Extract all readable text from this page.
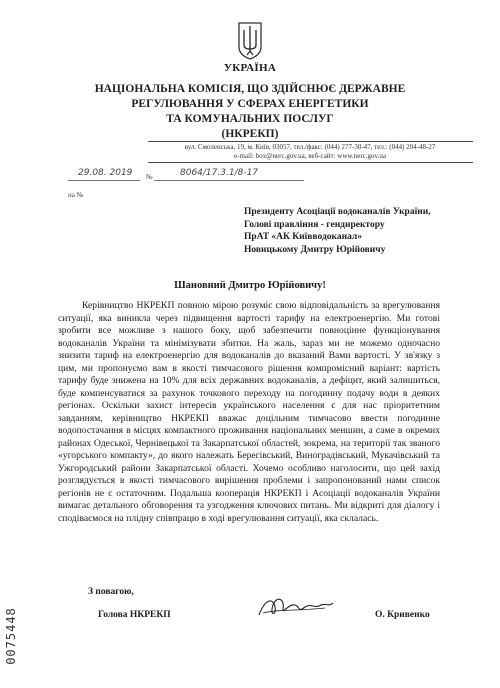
УКРАЇНА
НАЦІОНАЛЬНА КОМІСІЯ, ЩО ЗДІЙСНЮЄ ДЕРЖАВНЕ
РЕГУЛЮВАННЯ У СФЕРАХ ЕНЕРГЕТИКИ
ТА КОМУНАЛЬНИХ ПОСЛУГ
(НКРЕКП)
вул. Смоленська, 19, м. Київ, 03057, тел./факс: (044) 277-30-47, тел.: (044) 204-48-27
e-mail: box@nerc.gov.ua, веб-сайт: www.nerc.gov.ua
29.08. 2019 №	8064/17.3.1/8-17
на №
Президенту Асоціації водоканалів України,
Голові правління - гендиректору
ПрАТ «АК Київводоканал»
Новицькому Дмитру Юрійовичу
Шановний Дмитро Юрійовичу!

Керівництво НКРЕКП повною мірою розуміє свою відповідальність за врегулювання ситуації, яка виникла через підвищення вартості тарифу на електроенергію. Ми готові зробити все можливе з нашого боку, щоб забезпечити повноцінне функціонування водоканалів України та мінімізувати збитки. На жаль, зараз ми не можемо одночасно знизити тариф на електроенергію для водоканалів до вказаний Вами вартості. У зв'язку з цим, ми пропонуємо вам в якості тимчасового рішення компромісний варіант: вартість тарифу буде знижена на 10% для всіх державних водоканалів, а дефіцит, який залишиться, буде компенсуватися за рахунок точкового переходу на погодинну подачу води в деяких регіонах. Оскільки захист інтересів українського населення є для нас пріоритетним завданням, керівництво НКРЕКП вважає доцільним тимчасово ввести погодинне водопостачання в місцях компактного проживання національних меншин, а саме в окремих районах Одеської, Чернівецької та Закарпатської областей, зокрема, на території так званого «угорського компакту», до якого належать Берегівський, Виноградівський, Мукачівський та Ужгородський райони Закарпатської області. Хочемо особливо наголосити, що цей захід розглядується в якості тимчасового вирішення проблеми і запропонований нами список регіонів не є остаточним. Подальша кооперація НКРЕКП і Асоціації водоканалів України вимагає детального обговорення та узгодження ключових питань. Ми відкриті для діалогу і сподіваємося на плідну співпрацю в ході врегулювання ситуації, яка склалась.

З повагою,
Голова НКРЕКП	О. Кривенко
0075448
